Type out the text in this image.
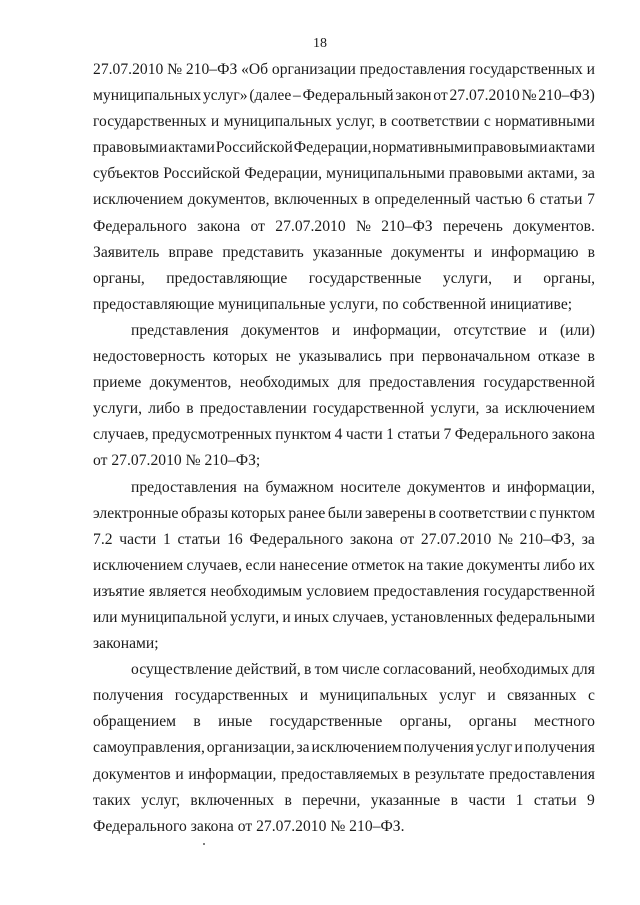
18
27.07.2010 № 210–ФЗ «Об организации предоставления государственных и
муниципальных услуг» (далее – Федеральный закон от 27.07.2010 № 210–ФЗ)
государственных и муниципальных услуг, в соответствии с нормативными
правовыми актами Российской Федерации, нормативными правовыми актами
субъектов Российской Федерации, муниципальными правовыми актами, за
исключением документов, включенных в определенный частью 6 статьи 7
Федерального закона от 27.07.2010 № 210–ФЗ перечень документов.
Заявитель вправе представить указанные документы и информацию в
органы, предоставляющие государственные услуги, и органы,
предоставляющие муниципальные услуги, по собственной инициативе;
представления документов и информации, отсутствие и (или)
недостоверность которых не указывались при первоначальном отказе в
приеме документов, необходимых для предоставления государственной
услуги, либо в предоставлении государственной услуги, за исключением
случаев, предусмотренных пунктом 4 части 1 статьи 7 Федерального закона
от 27.07.2010 № 210–ФЗ;
предоставления на бумажном носителе документов и информации,
электронные образы которых ранее были заверены в соответствии с пунктом
7.2 части 1 статьи 16 Федерального закона от 27.07.2010 № 210–ФЗ, за
исключением случаев, если нанесение отметок на такие документы либо их
изъятие является необходимым условием предоставления государственной
или муниципальной услуги, и иных случаев, установленных федеральными
законами;
осуществление действий, в том числе согласований, необходимых для
получения государственных и муниципальных услуг и связанных с
обращением в иные государственные органы, органы местного
самоуправления, организации, за исключением получения услуг и получения
документов и информации, предоставляемых в результате предоставления
таких услуг, включенных в перечни, указанные в части 1 статьи 9
Федерального закона от 27.07.2010 № 210–ФЗ.
